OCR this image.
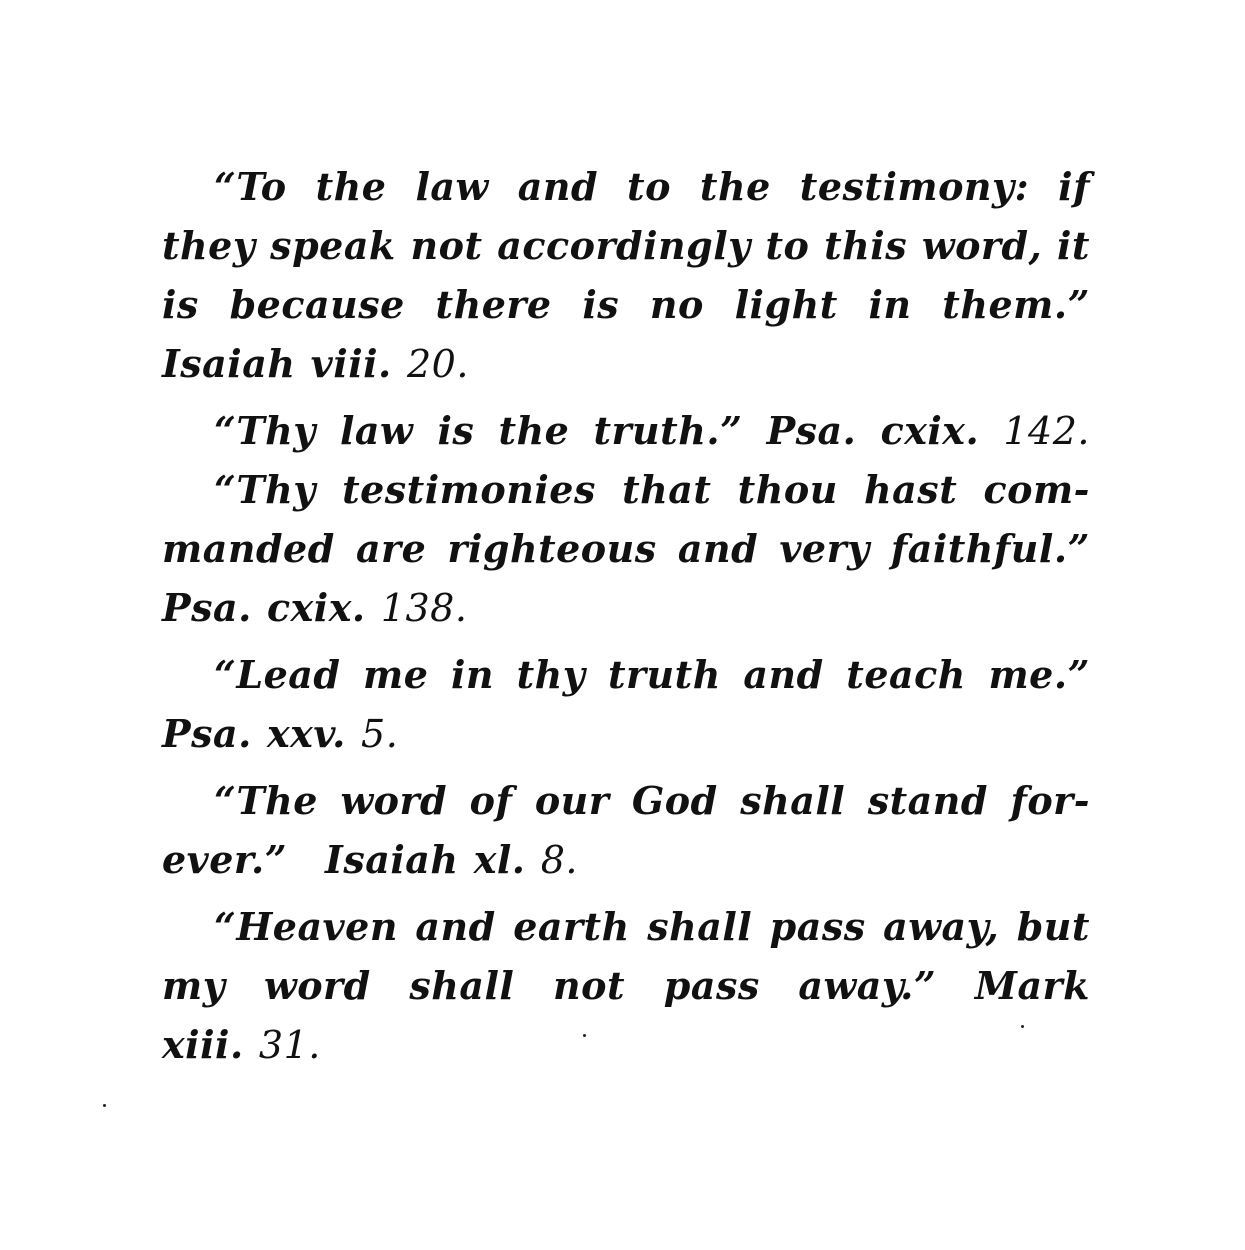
“To the law and to the testimony: if
they speak not accordingly to this word, it
is because there is no light in them.”
Isaiah viii. 20.
“Thy law is the truth.” Psa. cxix. 142.
“Thy testimonies that thou hast com-
manded are righteous and very faithful.”
Psa. cxix. 138.
“Lead me in thy truth and teach me.”
Psa. xxv. 5.
“The word of our God shall stand for-
ever.” Isaiah xl. 8.
“Heaven and earth shall pass away, but
my word shall not pass away.” Mark
xiii. 31.
